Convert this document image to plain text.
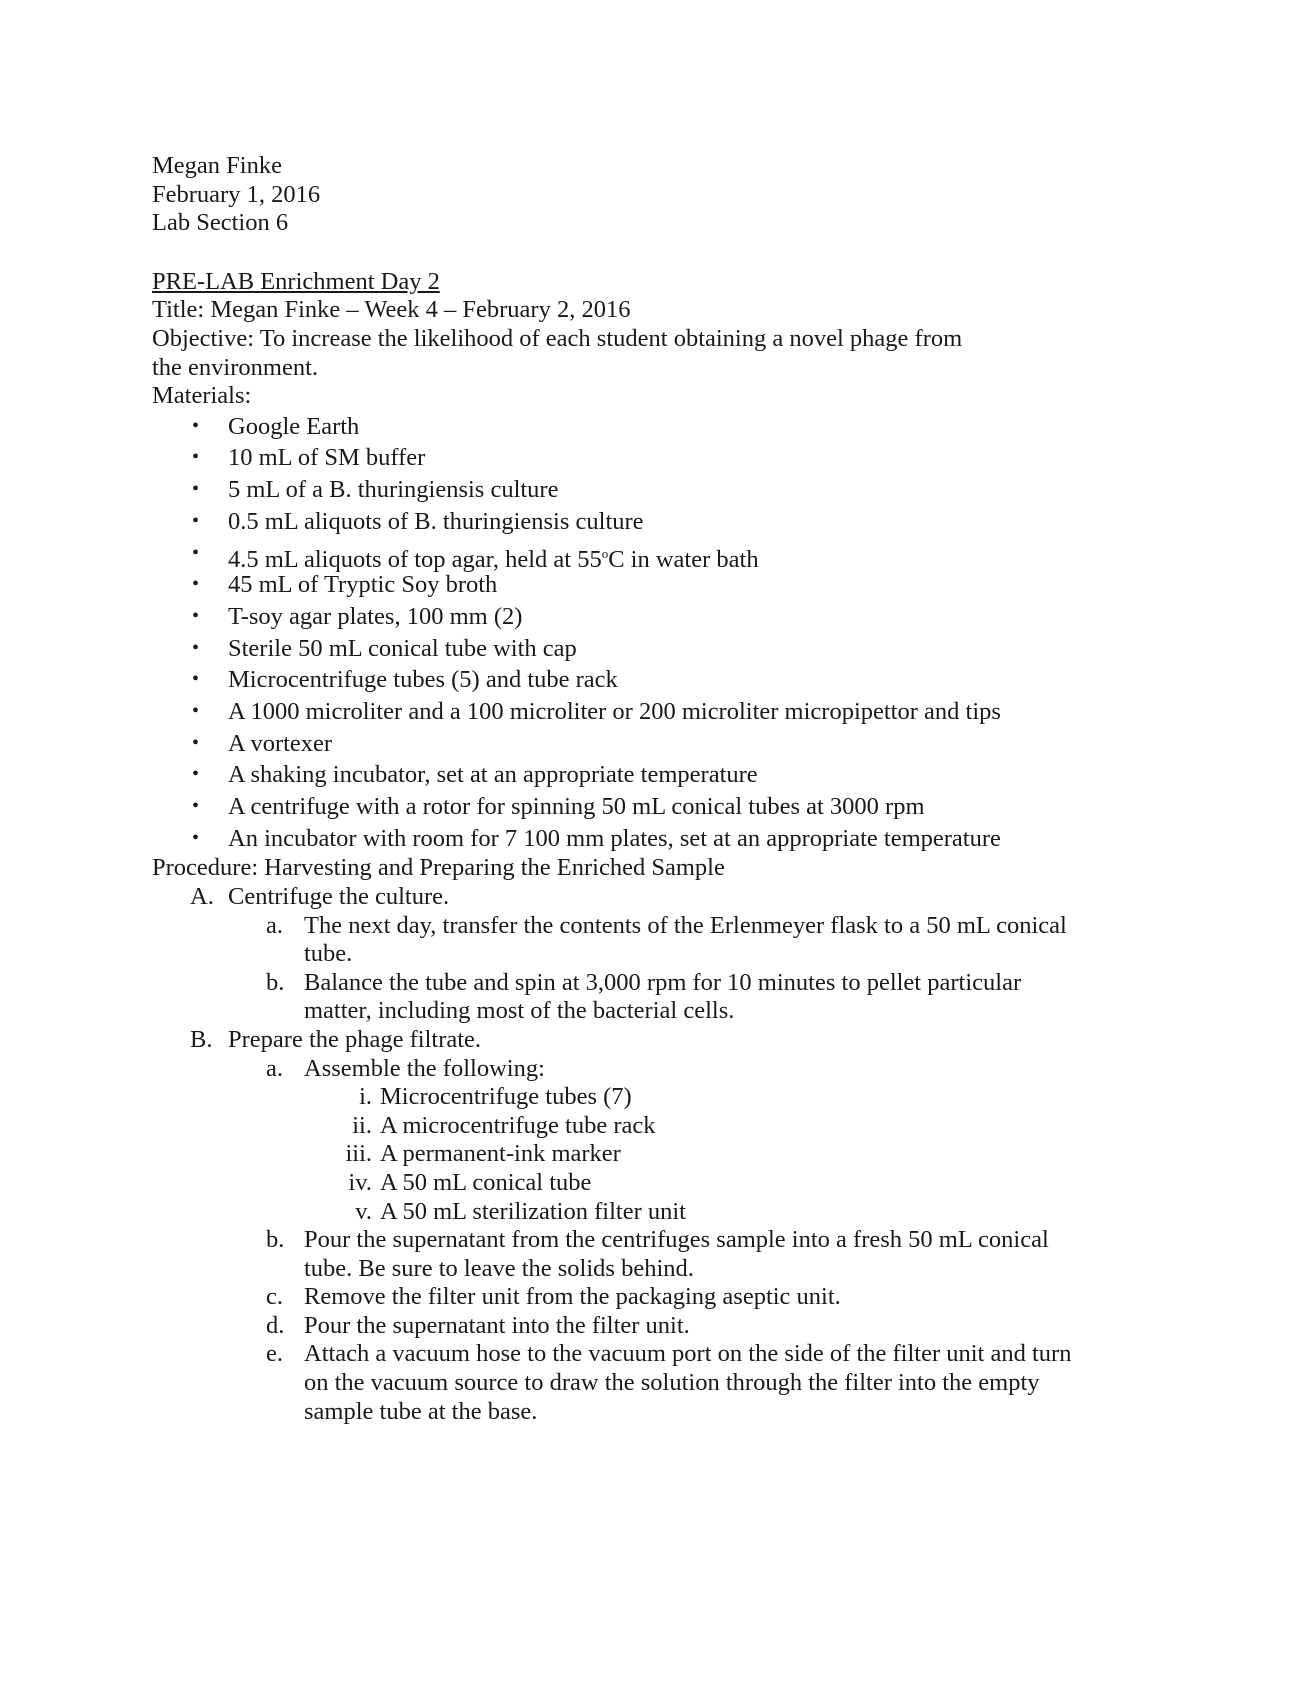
Megan Finke
February 1, 2016
Lab Section 6
PRE-LAB Enrichment Day 2
Title: Megan Finke – Week 4 – February 2, 2016
Objective: To increase the likelihood of each student obtaining a novel phage from the environment.
Materials:
• Google Earth
• 10 mL of SM buffer
• 5 mL of a B. thuringiensis culture
• 0.5 mL aliquots of B. thuringiensis culture
• 4.5 mL aliquots of top agar, held at 55$^o$C in water bath
• 45 mL of Tryptic Soy broth
• T-soy agar plates, 100 mm (2)
• Sterile 50 mL conical tube with cap
• Microcentrifuge tubes (5) and tube rack
• A 1000 microliter and a 100 microliter or 200 microliter micropipettor and tips
• A vortexer
• A shaking incubator, set at an appropriate temperature
• A centrifuge with a rotor for spinning 50 mL conical tubes at 3000 rpm
• An incubator with room for 7 100 mm plates, set at an appropriate temperature
Procedure: Harvesting and Preparing the Enriched Sample
A. Centrifuge the culture.
a. The next day, transfer the contents of the Erlenmeyer flask to a 50 mL conical tube.
b. Balance the tube and spin at 3,000 rpm for 10 minutes to pellet particular matter, including most of the bacterial cells.
B. Prepare the phage filtrate.
a. Assemble the following:
i. Microcentrifuge tubes (7)
ii. A microcentrifuge tube rack
iii. A permanent-ink marker
iv. A 50 mL conical tube
v. A 50 mL sterilization filter unit
b. Pour the supernatant from the centrifuges sample into a fresh 50 mL conical tube. Be sure to leave the solids behind.
c. Remove the filter unit from the packaging aseptic unit.
d. Pour the supernatant into the filter unit.
e. Attach a vacuum hose to the vacuum port on the side of the filter unit and turn on the vacuum source to draw the solution through the filter into the empty sample tube at the base.
